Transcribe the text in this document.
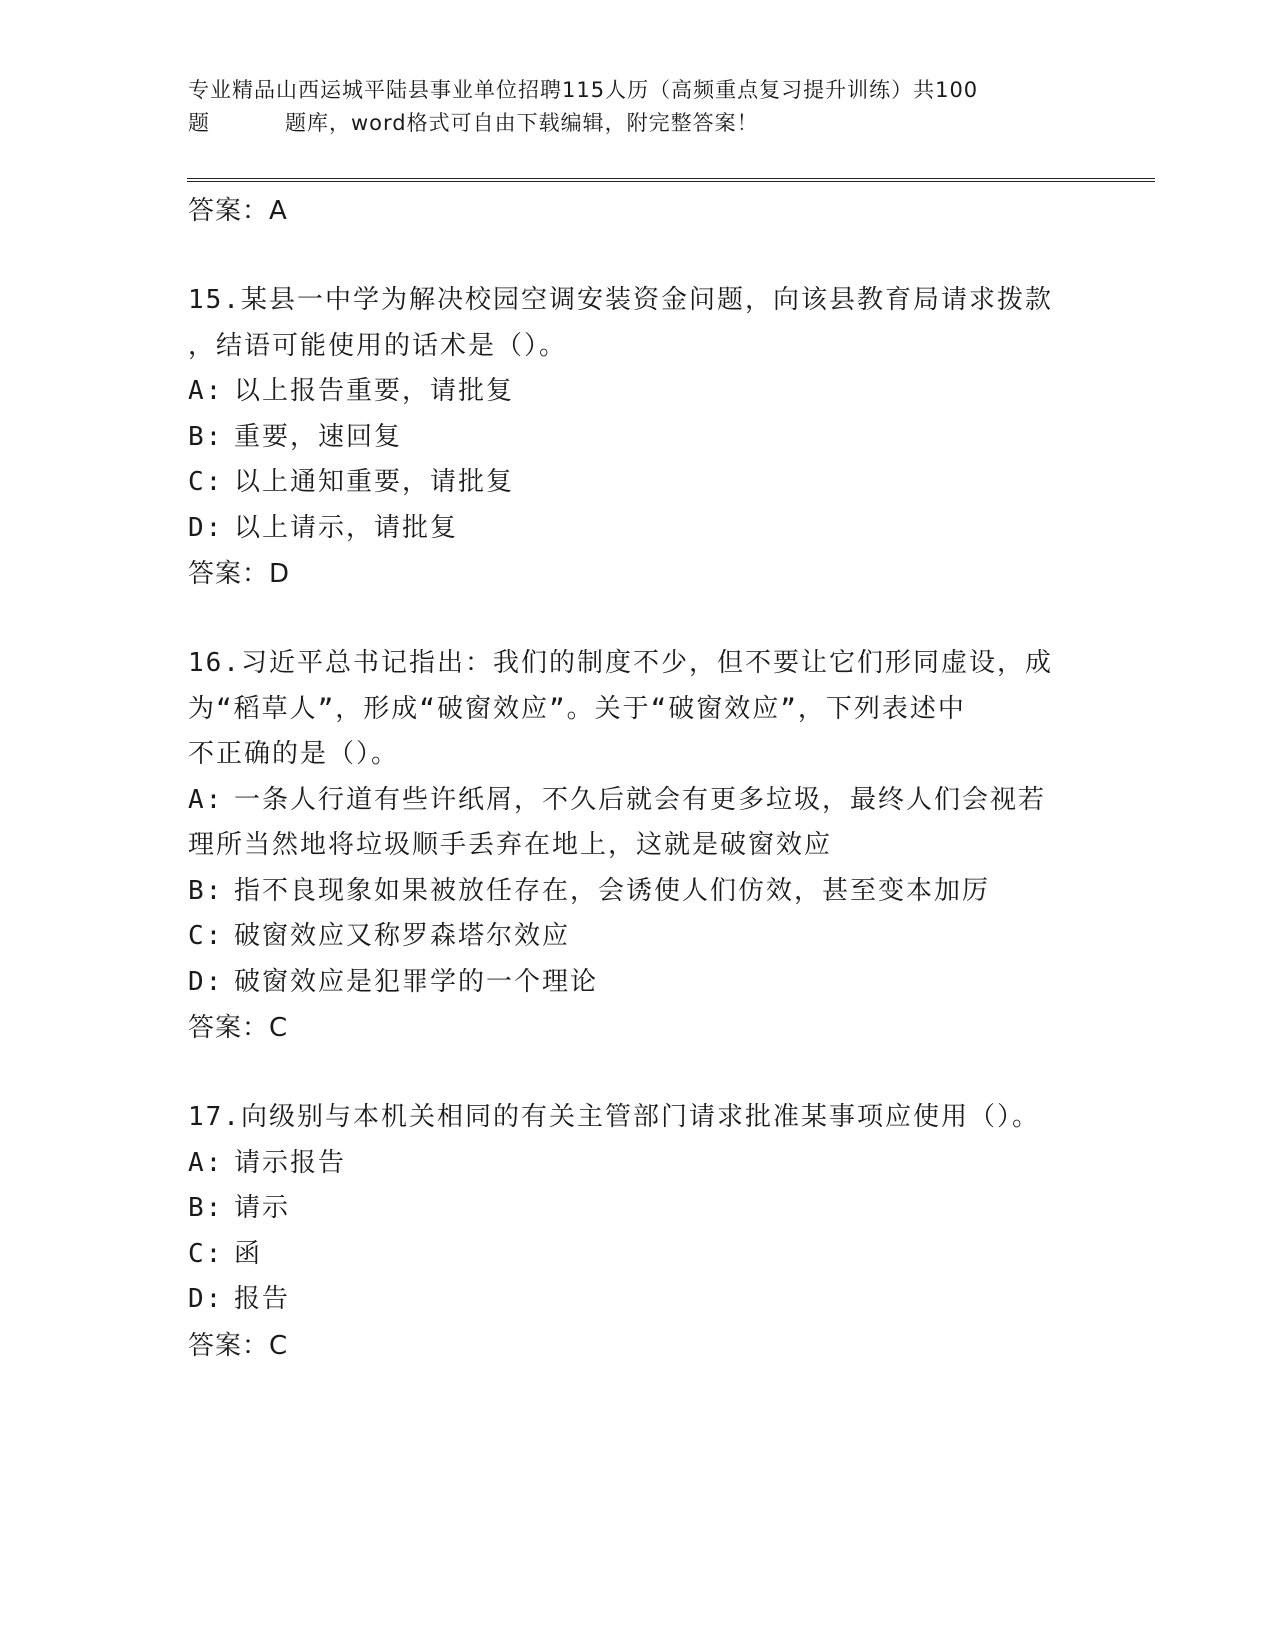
专业精品山西运城平陆县事业单位招聘115人历（高频重点复习提升训练）共100
题	题库，word格式可自由下载编辑，附完整答案！
答案：A
15.某县一中学为解决校园空调安装资金问题，向该县教育局请求拨款
，结语可能使用的话术是（）。
A: 以上报告重要，请批复
B: 重要，速回复
C: 以上通知重要，请批复
D: 以上请示，请批复
答案：D
16.习近平总书记指出：我们的制度不少，但不要让它们形同虚设，成
为“稻草人”，形成“破窗效应”。关于“破窗效应”，下列表述中
不正确的是（）。
A: 一条人行道有些许纸屑，不久后就会有更多垃圾，最终人们会视若
理所当然地将垃圾顺手丢弃在地上，这就是破窗效应
B: 指不良现象如果被放任存在，会诱使人们仿效，甚至变本加厉
C: 破窗效应又称罗森塔尔效应
D: 破窗效应是犯罪学的一个理论
答案：C
17.向级别与本机关相同的有关主管部门请求批准某事项应使用（）。
A: 请示报告
B: 请示
C: 函
D: 报告
答案：C
